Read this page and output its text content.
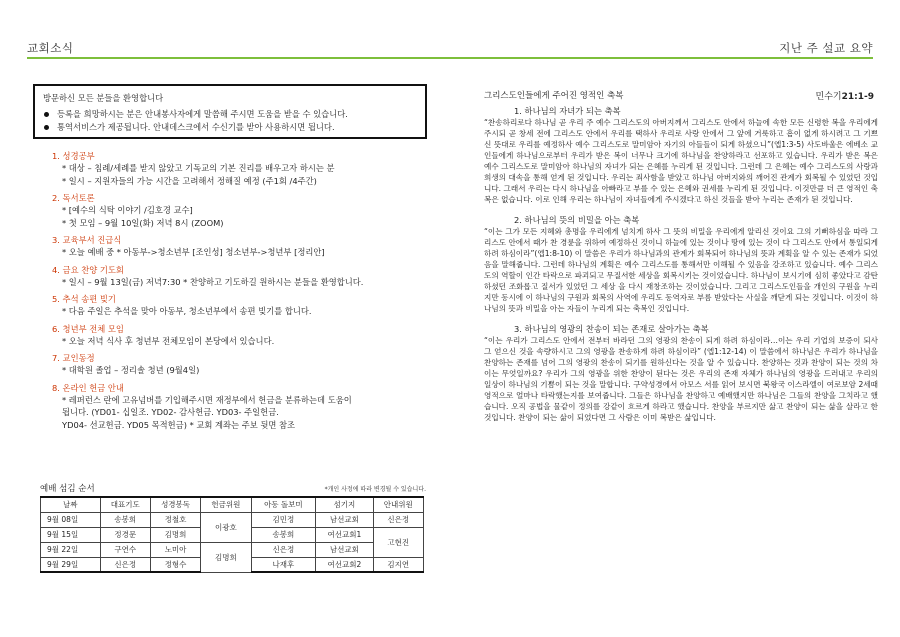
교회소식
방문하신 모든 분들을 환영합니다
등록을 희망하시는 분은 안내봉사자에게 말씀해 주시면 도움을 받을 수 있습니다.
통역서비스가 제공됩니다. 안내데스크에서 수신기를 받아 사용하시면 됩니다.
1. 성경공부
* 대상 – 침례/세례를 받지 않았고 기독교의 기본 진리를 배우고자 하시는 분
* 일시 – 지원자들의 가능 시간을 고려해서 정해질 예정 (주1회 /4주간)
2. 독서토론
* [예수의 식탁 이야기 /김호경 교수]
* 첫 모임 – 9월 10일(화) 저녁 8시 (ZOOM)
3. 교육부서 진급식
* 오늘 예배 중 * 아동부->청소년부 [조인성] 청소년부->청년부 [정리안]
4. 금요 찬양 기도회
* 일시 – 9월 13일(금) 저녁7:30 * 찬양하고 기도하길 원하시는 분들을 환영합니다.
5. 추석 송편 빚기
* 다음 주일은 추석을 맞아 아동부, 청소년부에서 송편 빚기를 합니다.
6. 청년부 전체 모임
* 오늘 저녁 식사 후 청년부 전체모임이 본당에서 있습니다.
7. 교인동정
* 대학원 졸업 – 정리솔 청년 (9월4일)
8. 온라인 헌금 안내
* 레퍼런스 란에 고유넘버를 기입해주시면 재정부에서 헌금을 분류하는데 도움이
됩니다. (YD01- 십일조. YD02- 감사헌금. YD03- 주일헌금.
YD04- 선교헌금. YD05 목적헌금) * 교회 계좌는 주보 뒷면 참조
예배 섬김 순서	*개인 사정에 따라 변경될 수 있습니다.
날짜	대표기도	성경봉독	헌금위원	아동 돌보미	섬기지	안내위원
9월 08일	송봉희	정철호	이광호	김민정	남선교회	신은정
9월 15일	정경문	김명희		송봉희	여선교회1	고현진
9월 22일	구연수	노미아	김명희	신은정	남선교회	
9월 29일	신은정	정형수		나재후	여선교회2	김지연
지난 주 설교 요약
그리스도인들에게 주어진 영적인 축복	민수기21:1-9
1. 하나님의 자녀가 되는 축복
“찬송하리로다 하나님 곧 우리 주 예수 그리스도의 아버지께서 그리스도 안에서 하늘에 속한 모든 신령한 복을 우리에게 주시되 곧 창세 전에 그리스도 안에서 우리를 택하사 우리로 사랑 안에서 그 앞에 거룩하고 흠이 없게 하시려고 그 기쁘신 뜻대로 우리를 예정하사 예수 그리스도로 말미암아 자기의 아들들이 되게 하셨으니”(엡1:3-5) 사도바울은 에베소 교인들에게 하나님으로부터 우리가 받은 복이 너무나 크기에 하나님을 찬양하라고 선포하고 있습니다. 우리가 받은 복은 예수 그리스도로 말미암아 하나님의 자녀가 되는 은혜를 누리게 된 것입니다. 그런데 그 은혜는 예수 그리스도의 사랑과 희생의 대속을 통해 얻게 된 것입니다. 우리는 죄사함을 받았고 하나님 아버지와의 깨어진 관계가 회복될 수 있었던 것입니다. 그래서 우리는 다시 하나님을 아빠라고 부를 수 있는 은혜와 권세를 누리게 된 것입니다. 이것만큼 더 큰 영적인 축복은 없습니다. 이로 인해 우리는 하나님이 자녀들에게 주시겠다고 하신 것들을 받아 누리는 존재가 된 것입니다.
2. 하나님의 뜻의 비밀을 아는 축복
“이는 그가 모든 지혜와 총명을 우리에게 넘치게 하사 그 뜻의 비밀을 우리에게 알리신 것이요 그의 기뻐하심을 따라 그리스도 안에서 때가 찬 경륜을 위하여 예정하신 것이니 하늘에 있는 것이나 땅에 있는 것이 다 그리스도 안에서 통일되게 하려 하심이라”(엡1:8-10) 이 말씀은 우리가 하나님과의 관계가 회복되어 하나님의 뜻과 계획을 알 수 있는 존재가 되었음을 말해줍니다. 그런데 하나님의 계획은 예수 그리스도를 통해서만 이해될 수 있음을 강조하고 있습니다. 예수 그리스도의 역할이 인간 타락으로 파괴되고 무질서한 세상을 회복시키는 것이었습니다. 하나님이 보시기에 심히 좋았다고 감탄하셨던 조화롭고 질서가 있었던 그 세상 을 다시 재창조하는 것이었습니다. 그리고 그리스도인들을 개인의 구원을 누리지만 동시에 이 하나님의 구원과 회복의 사역에 우리도 동역자로 부름 받았다는 사실을 깨닫게 되는 것입니다. 이것이 하나님의 뜻과 비밀을 아는 자들이 누리게 되는 축복인 것입니다.
3. 하나님의 영광의 찬송이 되는 존재로 살아가는 축복
“이는 우리가 그리스도 안에서 전부터 바라던 그의 영광의 찬송이 되게 하려 하심이라…이는 우리 기업의 보증이 되사 그 얻으신 것을 속량하시고 그의 영광을 찬송하게 하려 하심이라” (엡1:12-14) 이 말씀에서 하나님은 우리가 하나님을 찬양하는 존재를 넘어 그의 영광의 찬송이 되기를 원하신다는 것을 알 수 있습니다. 찬양하는 것과 찬양이 되는 것의 차이는 무엇일까요? 우리가 그의 영광을 위한 찬양이 된다는 것은 우리의 존재 자체가 하나님의 영광을 드러내고 우리의 일상이 하나님의 기쁨이 되는 것을 말합니다. 구약성경에서 아모스 서를 읽어 보시면 북왕국 이스라엘이 여로보암 2세때 영적으로 얼마나 타락했는지를 보여줍니다. 그들은 하나님을 찬양하고 예배했지만 하나님은 그들의 찬양을 그치라고 했습니다. 오직 공법을 물같이 정의를 강같이 흐르게 하라고 했습니다. 찬양을 부르지만 삶고 찬양이 되는 삶을 살라고 한 것입니다. 찬양이 되는 삶이 되었다면 그 사람은 이미 복받은 삶입니다.
